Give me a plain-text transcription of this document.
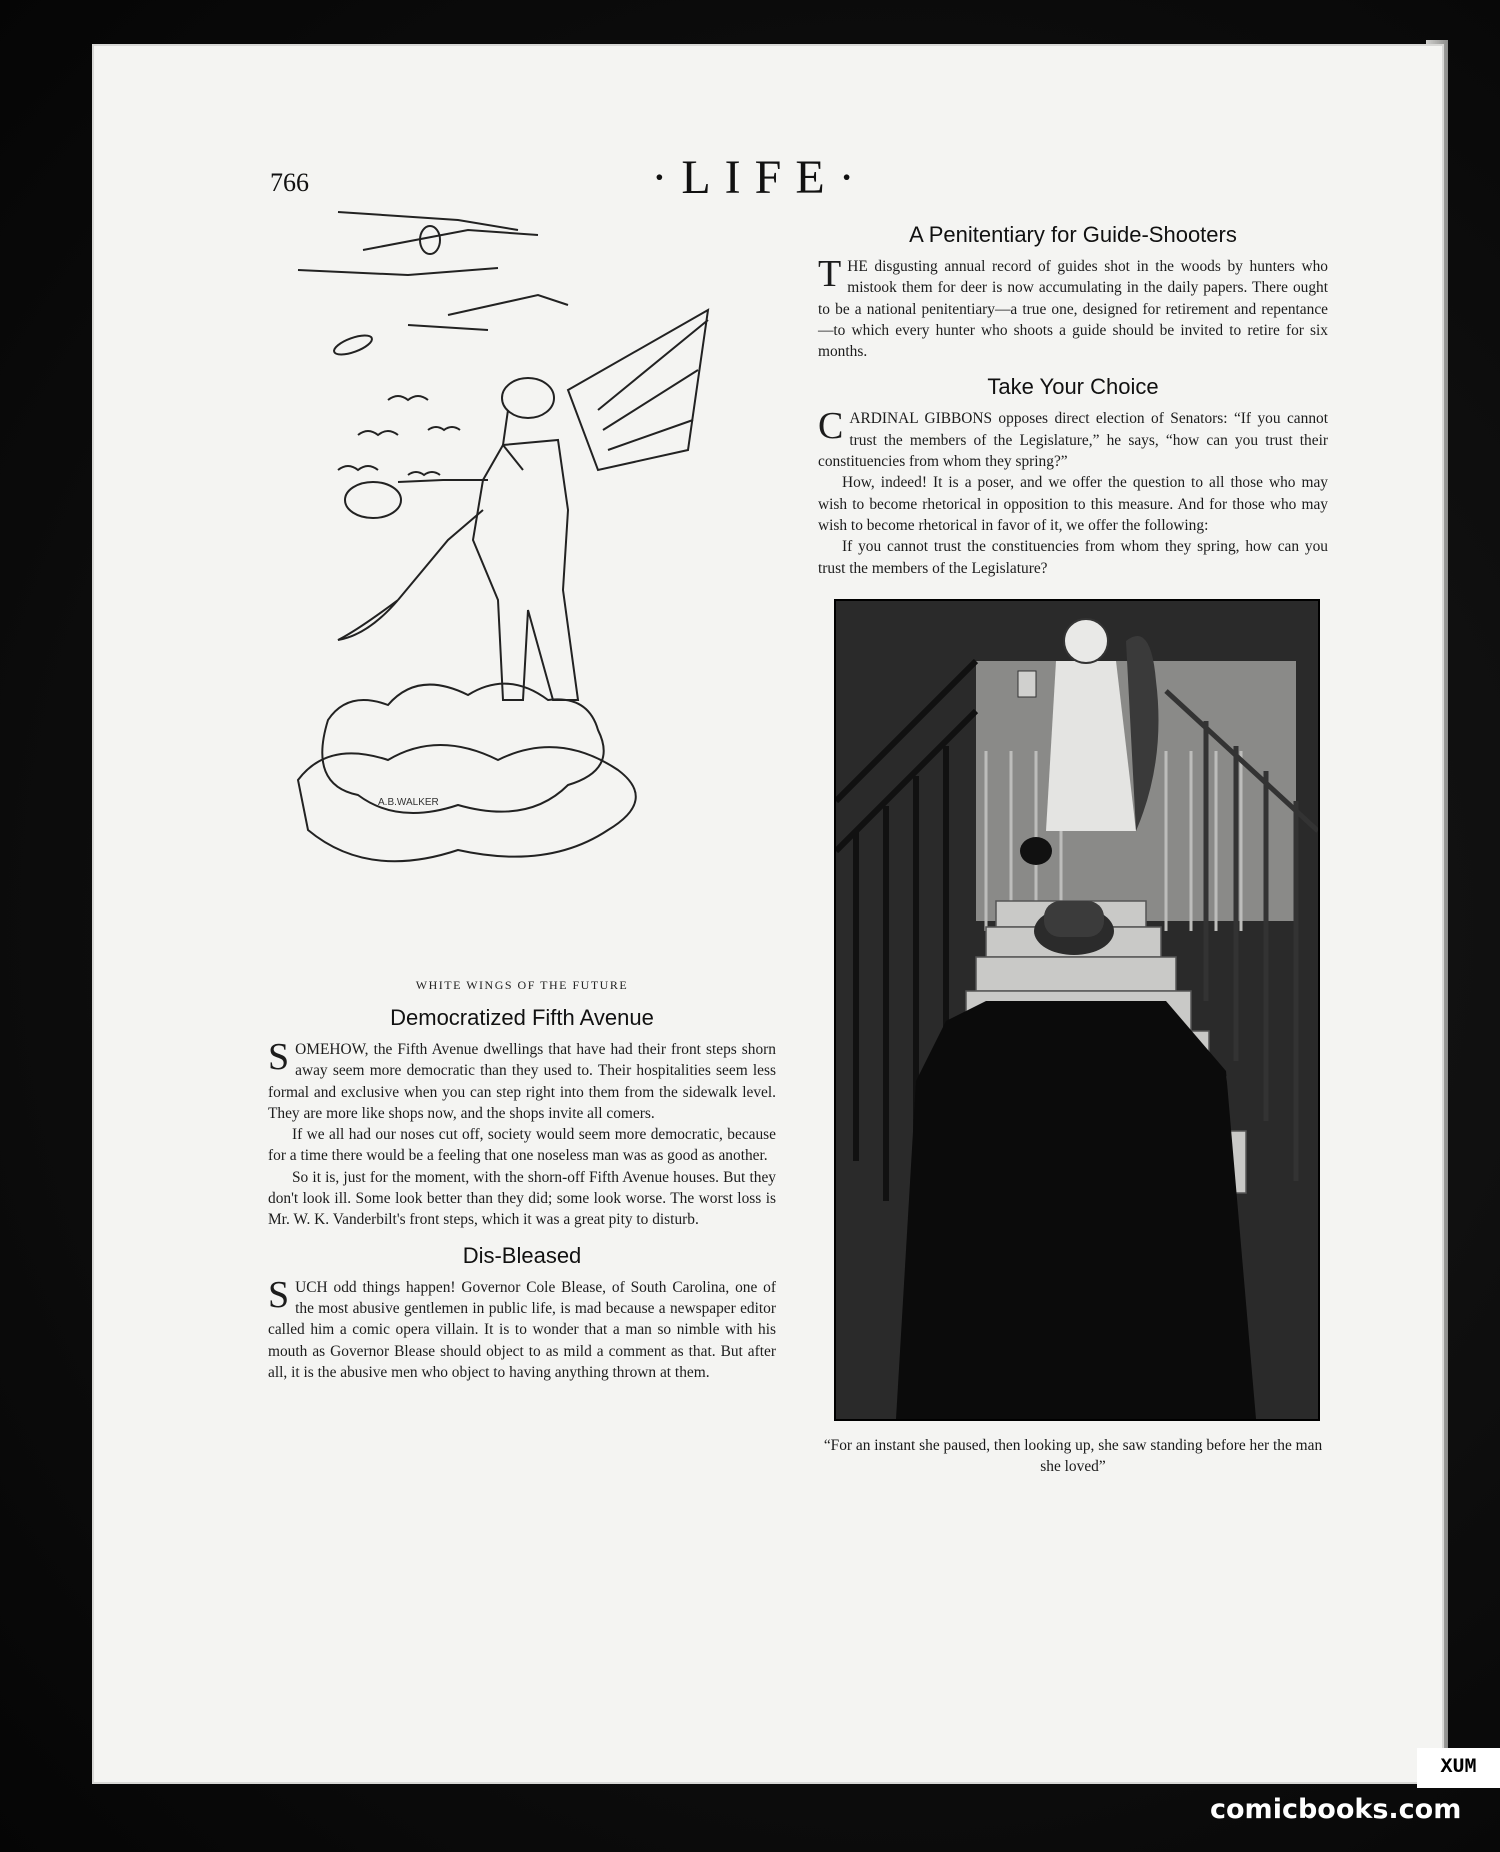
766	·LIFE·
A.B.WALKER
WHITE WINGS OF THE FUTURE
Democratized Fifth Avenue

SOMEHOW, the Fifth Avenue dwellings that have had their front steps shorn away seem more democratic than they used to. Their hospitalities seem less formal and exclusive when you can step right into them from the sidewalk level. They are more like shops now, and the shops invite all comers.

If we all had our noses cut off, society would seem more democratic, because for a time there would be a feeling that one noseless man was as good as another.

So it is, just for the moment, with the shorn-off Fifth Avenue houses. But they don't look ill. Some look better than they did; some look worse. The worst loss is Mr. W. K. Vanderbilt's front steps, which it was a great pity to disturb.

Dis-Bleased

SUCH odd things happen! Governor Cole Blease, of South Carolina, one of the most abusive gentlemen in public life, is mad because a newspaper editor called him a comic opera villain. It is to wonder that a man so nimble with his mouth as Governor Blease should object to as mild a comment as that. But after all, it is the abusive men who object to having anything thrown at them.

A Penitentiary for Guide-Shooters

THE disgusting annual record of guides shot in the woods by hunters who mistook them for deer is now accumulating in the daily papers. There ought to be a national penitentiary—a true one, designed for retirement and repentance—to which every hunter who shoots a guide should be invited to retire for six months.

Take Your Choice

CARDINAL GIBBONS opposes direct election of Senators: “If you cannot trust the members of the Legislature,” he says, “how can you trust their constituencies from whom they spring?”

How, indeed! It is a poser, and we offer the question to all those who may wish to become rhetorical in opposition to this measure. And for those who may wish to become rhetorical in favor of it, we offer the following:

If you cannot trust the constituencies from whom they spring, how can you trust the members of the Legislature?

“For an instant she paused, then looking up, she saw standing before her the man she loved”
XUM
comicbooks.com
